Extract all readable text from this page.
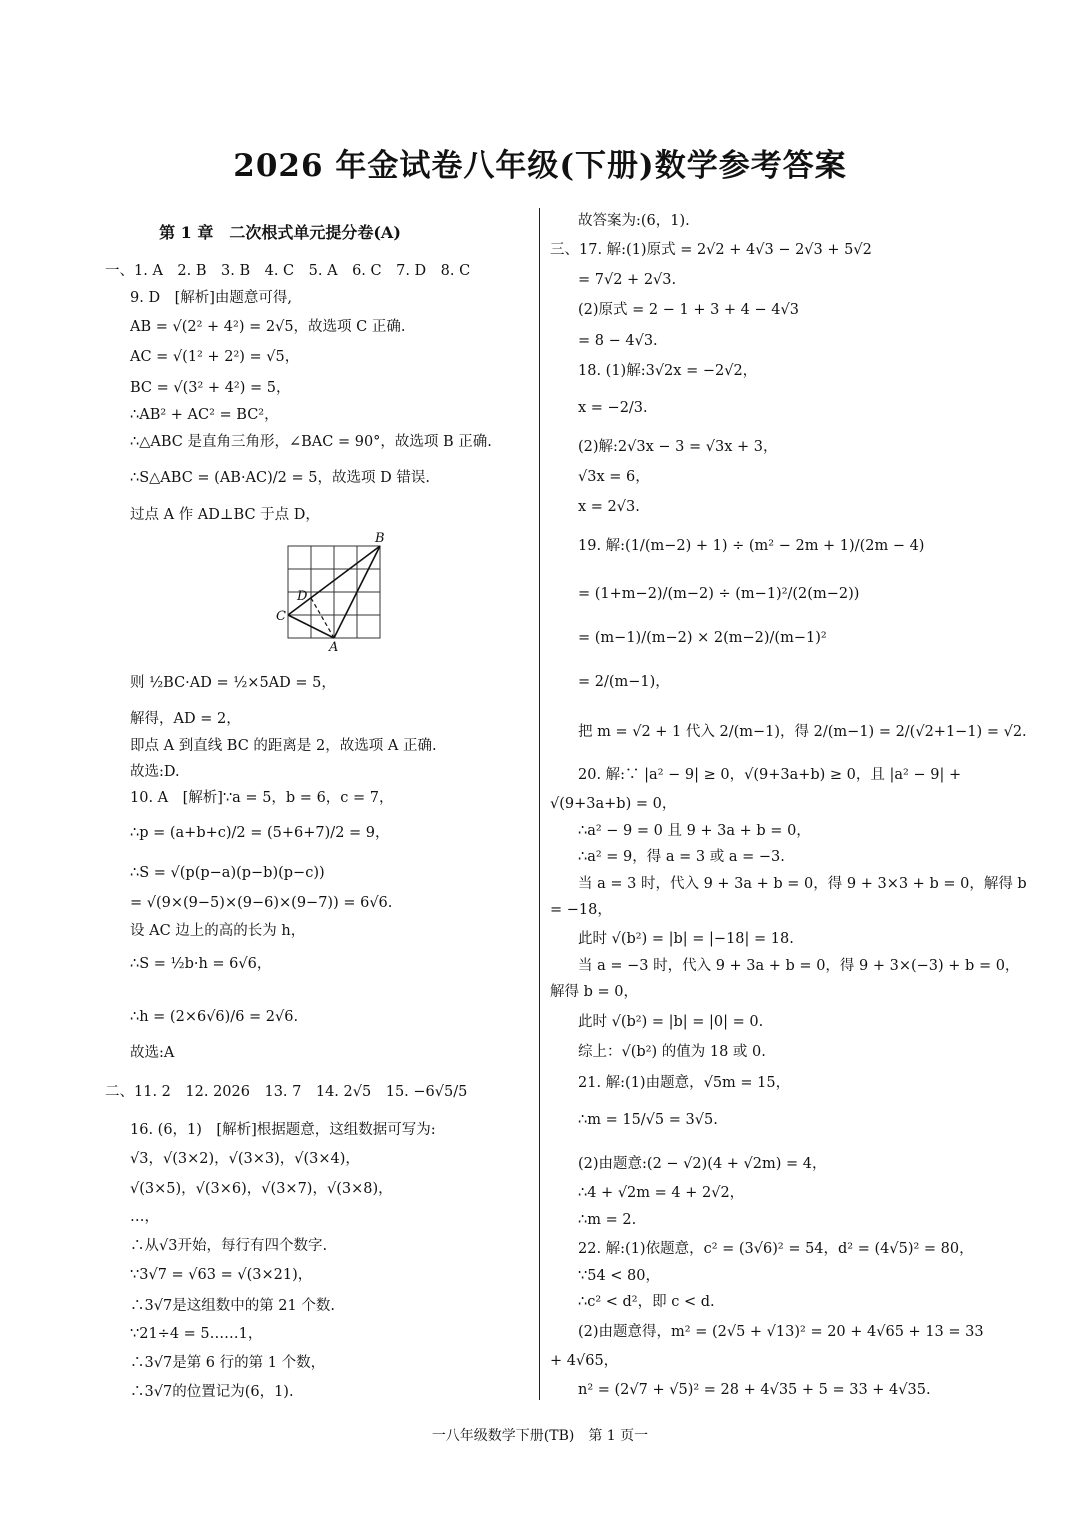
2026 年金试卷八年级(下册)数学参考答案
第 1 章　二次根式单元提分卷(A)
一、1. A　2. B　3. B　4. C　5. A　6. C　7. D　8. C
9. D　[解析]由题意可得,
AB = √(2² + 4²) = 2√5，故选项 C 正确.
AC = √(1² + 2²) = √5，
BC = √(3² + 4²) = 5，
∴AB² + AC² = BC²，
∴△ABC 是直角三角形，∠BAC = 90°，故选项 B 正确.
∴S△ABC = (AB·AC)/2 = 5，故选项 D 错误.
过点 A 作 AD⊥BC 于点 D，
B
C
D
A
则 ½BC·AD = ½×5AD = 5，
解得，AD = 2，
即点 A 到直线 BC 的距离是 2，故选项 A 正确.
故选:D.
10. A　[解析]∵a = 5，b = 6，c = 7，
∴p = (a+b+c)/2 = (5+6+7)/2 = 9，
∴S = √(p(p−a)(p−b)(p−c))
= √(9×(9−5)×(9−6)×(9−7)) = 6√6.
设 AC 边上的高的长为 h，
∴S = ½b·h = 6√6，
∴h = (2×6√6)/6 = 2√6.
故选:A
二、11. 2　12. 2026　13. 7　14. 2√5　15. −6√5/5
16. (6，1)　[解析]根据题意，这组数据可写为:
√3，√(3×2)，√(3×3)，√(3×4)，
√(3×5)，√(3×6)，√(3×7)，√(3×8)，
…，
∴从√3开始，每行有四个数字.
∵3√7 = √63 = √(3×21)，
∴3√7是这组数中的第 21 个数.
∵21÷4 = 5……1，
∴3√7是第 6 行的第 1 个数，
∴3√7的位置记为(6，1).
故答案为:(6，1).
三、17. 解:(1)原式 = 2√2 + 4√3 − 2√3 + 5√2
= 7√2 + 2√3.
(2)原式 = 2 − 1 + 3 + 4 − 4√3
= 8 − 4√3.
18. (1)解:3√2x = −2√2，
x = −2/3.
(2)解:2√3x − 3 = √3x + 3，
√3x = 6，
x = 2√3.
19. 解:(1/(m−2) + 1) ÷ (m² − 2m + 1)/(2m − 4)
= (1+m−2)/(m−2) ÷ (m−1)²/(2(m−2))
= (m−1)/(m−2) × 2(m−2)/(m−1)²
= 2/(m−1)，
把 m = √2 + 1 代入 2/(m−1)，得 2/(m−1) = 2/(√2+1−1) = √2.
20. 解:∵ |a² − 9| ≥ 0，√(9+3a+b) ≥ 0，且 |a² − 9| +
√(9+3a+b) = 0，
∴a² − 9 = 0 且 9 + 3a + b = 0，
∴a² = 9，得 a = 3 或 a = −3.
当 a = 3 时，代入 9 + 3a + b = 0，得 9 + 3×3 + b = 0，解得 b
= −18，
此时 √(b²) = |b| = |−18| = 18.
当 a = −3 时，代入 9 + 3a + b = 0，得 9 + 3×(−3) + b = 0，
解得 b = 0，
此时 √(b²) = |b| = |0| = 0.
综上：√(b²) 的值为 18 或 0.
21. 解:(1)由题意，√5m = 15，
∴m = 15/√5 = 3√5.
(2)由题意:(2 − √2)(4 + √2m) = 4，
∴4 + √2m = 4 + 2√2，
∴m = 2.
22. 解:(1)依题意，c² = (3√6)² = 54，d² = (4√5)² = 80，
∵54 < 80，
∴c² < d²，即 c < d.
(2)由题意得，m² = (2√5 + √13)² = 20 + 4√65 + 13 = 33
+ 4√65，
n² = (2√7 + √5)² = 28 + 4√35 + 5 = 33 + 4√35.
一八年级数学下册(TB)　第 1 页一
